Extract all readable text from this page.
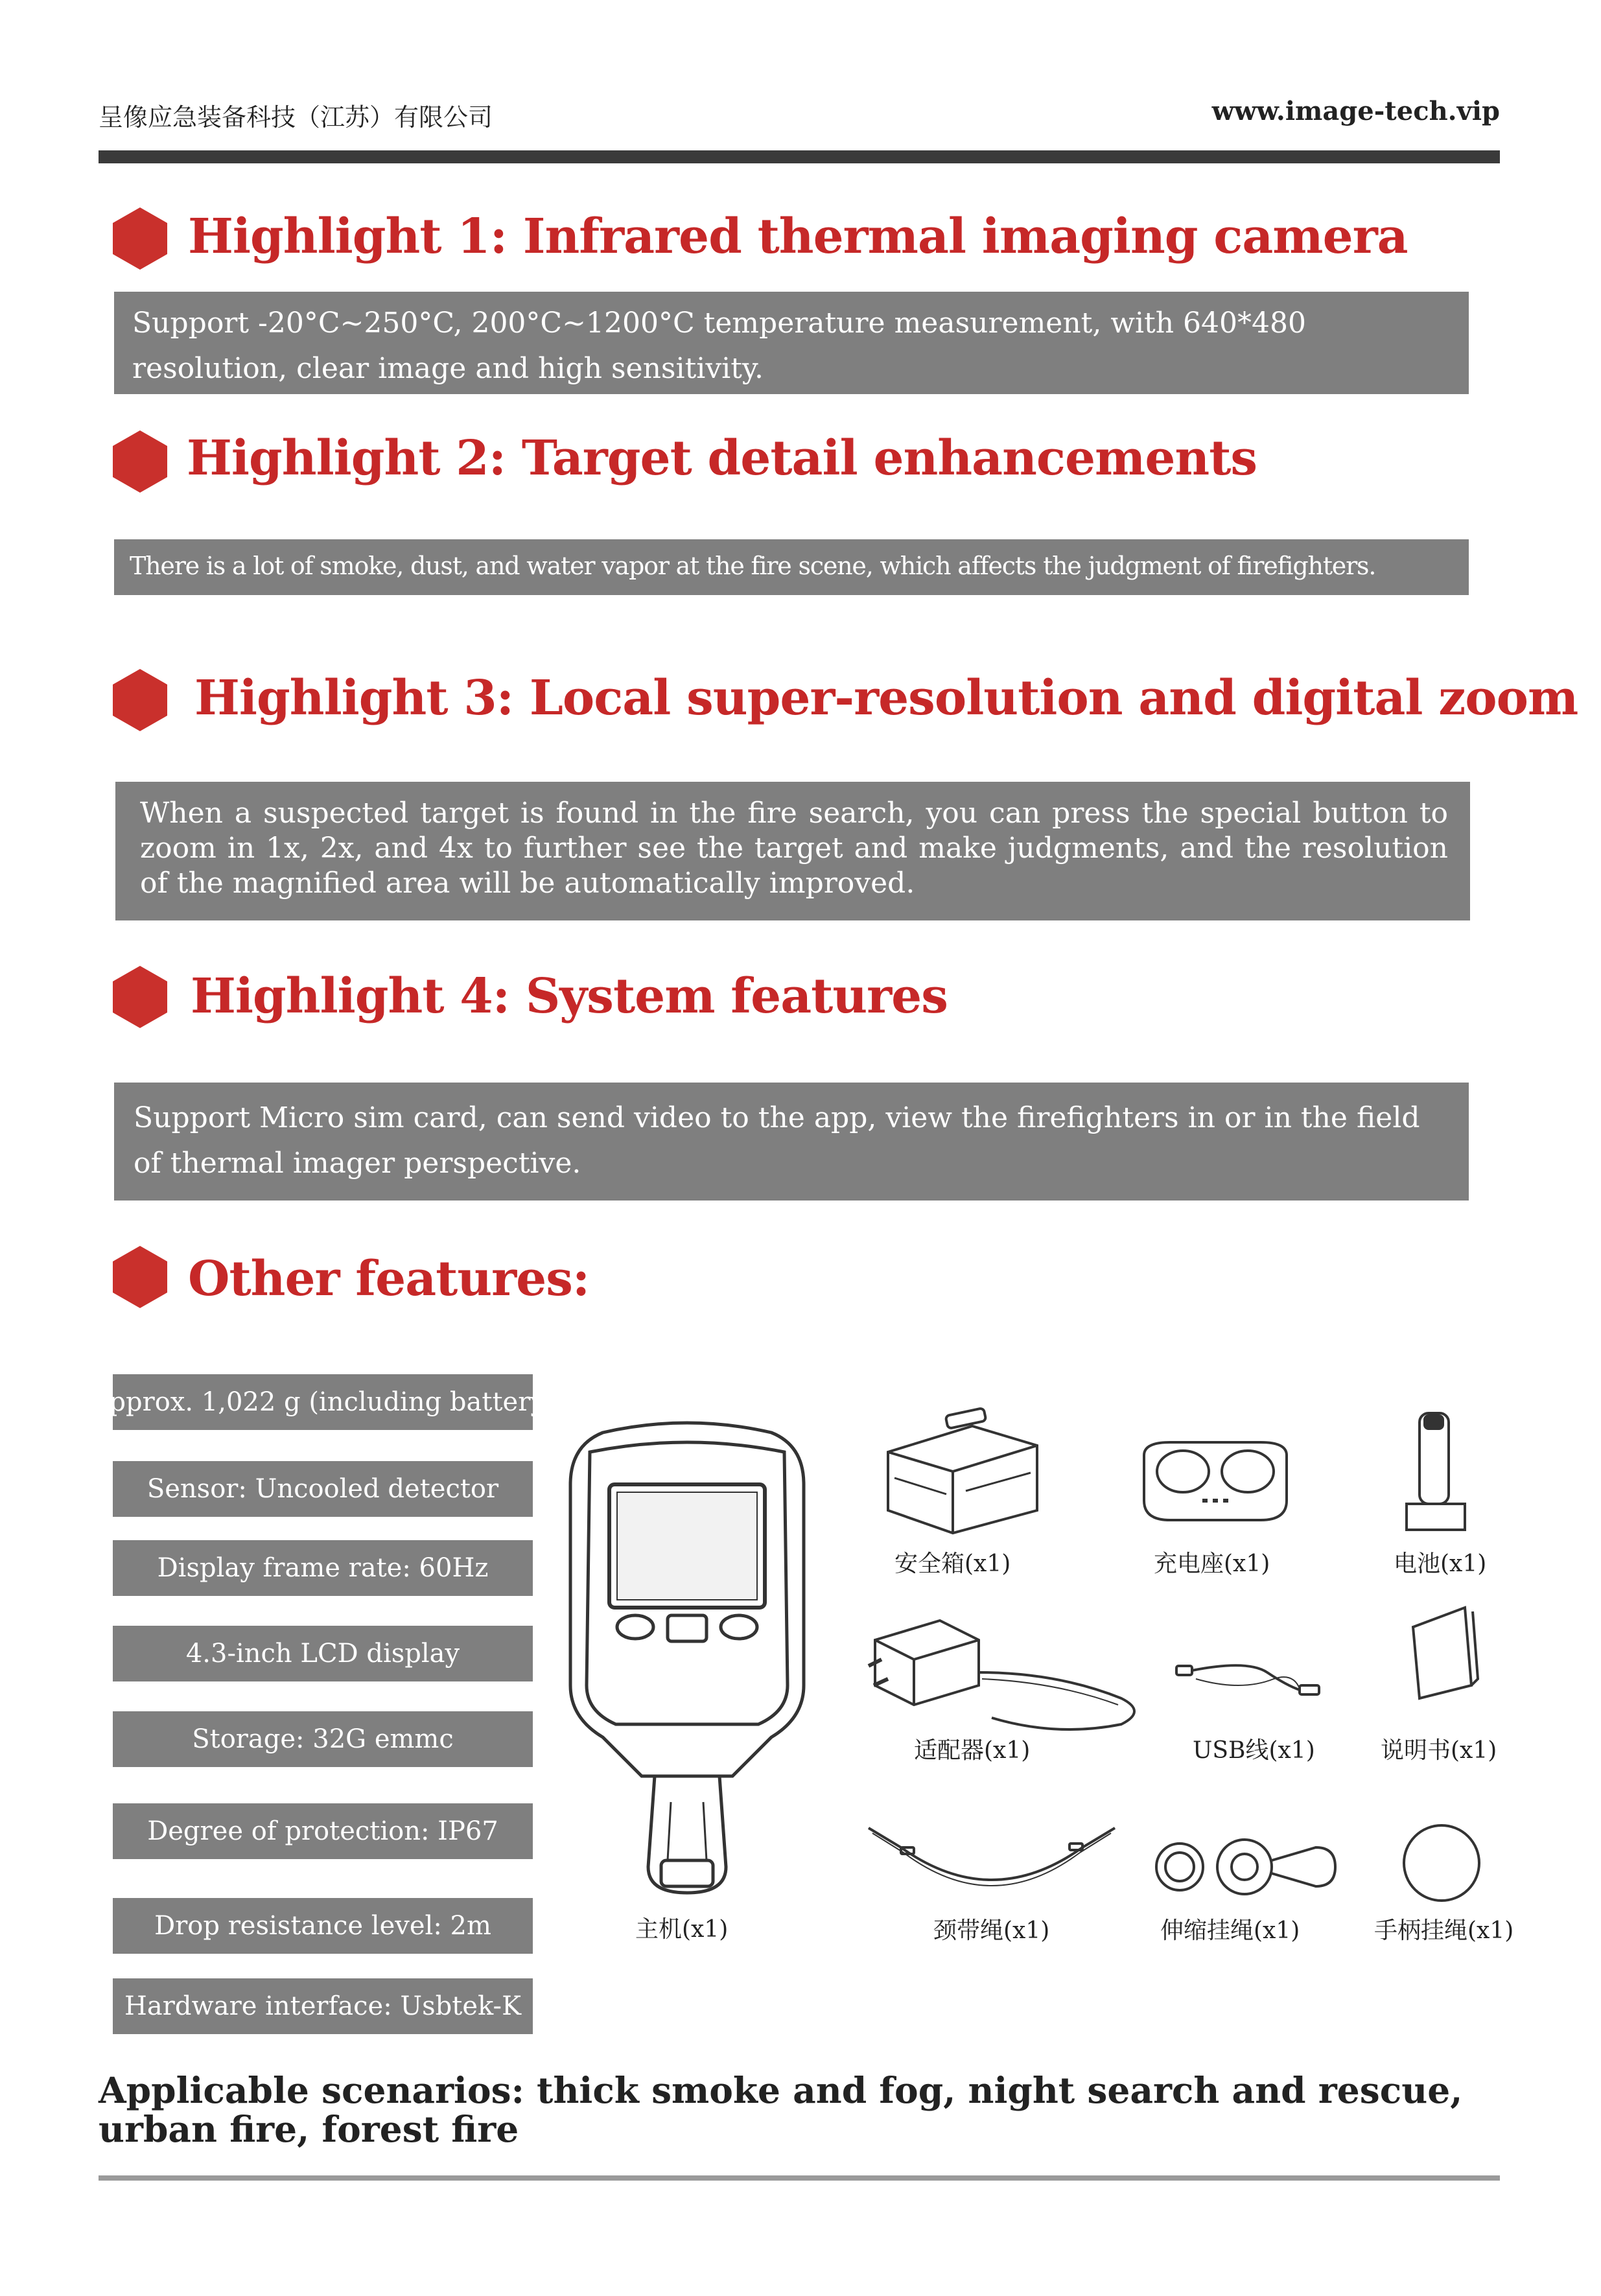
呈像应急装备科技（江苏）有限公司	www.image-tech.vip
Highlight 1: Infrared thermal imaging camera

Support -20°C~250°C, 200°C~1200°C temperature measurement, with 640*480 resolution, clear image and high sensitivity.

Highlight 2: Target detail enhancements

There is a lot of smoke, dust, and water vapor at the fire scene, which affects the judgment of firefighters.

Highlight 3: Local super-resolution and digital zoom

When a suspected target is found in the fire search, you can press the special button to zoom in 1x, 2x, and 4x to further see the target and make judgments, and the resolution of the magnified area will be automatically improved.

Highlight 4: System features

Support Micro sim card, can send video to the app, view the firefighters in or in the field of thermal imager perspective.

Other features:
Approx. 1,022 g (including battery)
Sensor: Uncooled detector
Display frame rate: 60Hz
4.3-inch LCD display
Storage: 32G emmc
Degree of protection: IP67
Drop resistance level: 2m
Hardware interface: Usbtek-K
主机(x1)
安全箱(x1)	充电座(x1)	电池(x1)
适配器(x1)	USB线(x1)	说明书(x1)
颈带绳(x1)	伸缩挂绳(x1)	手柄挂绳(x1)
Applicable scenarios: thick smoke and fog, night search and rescue, urban fire, forest fire
